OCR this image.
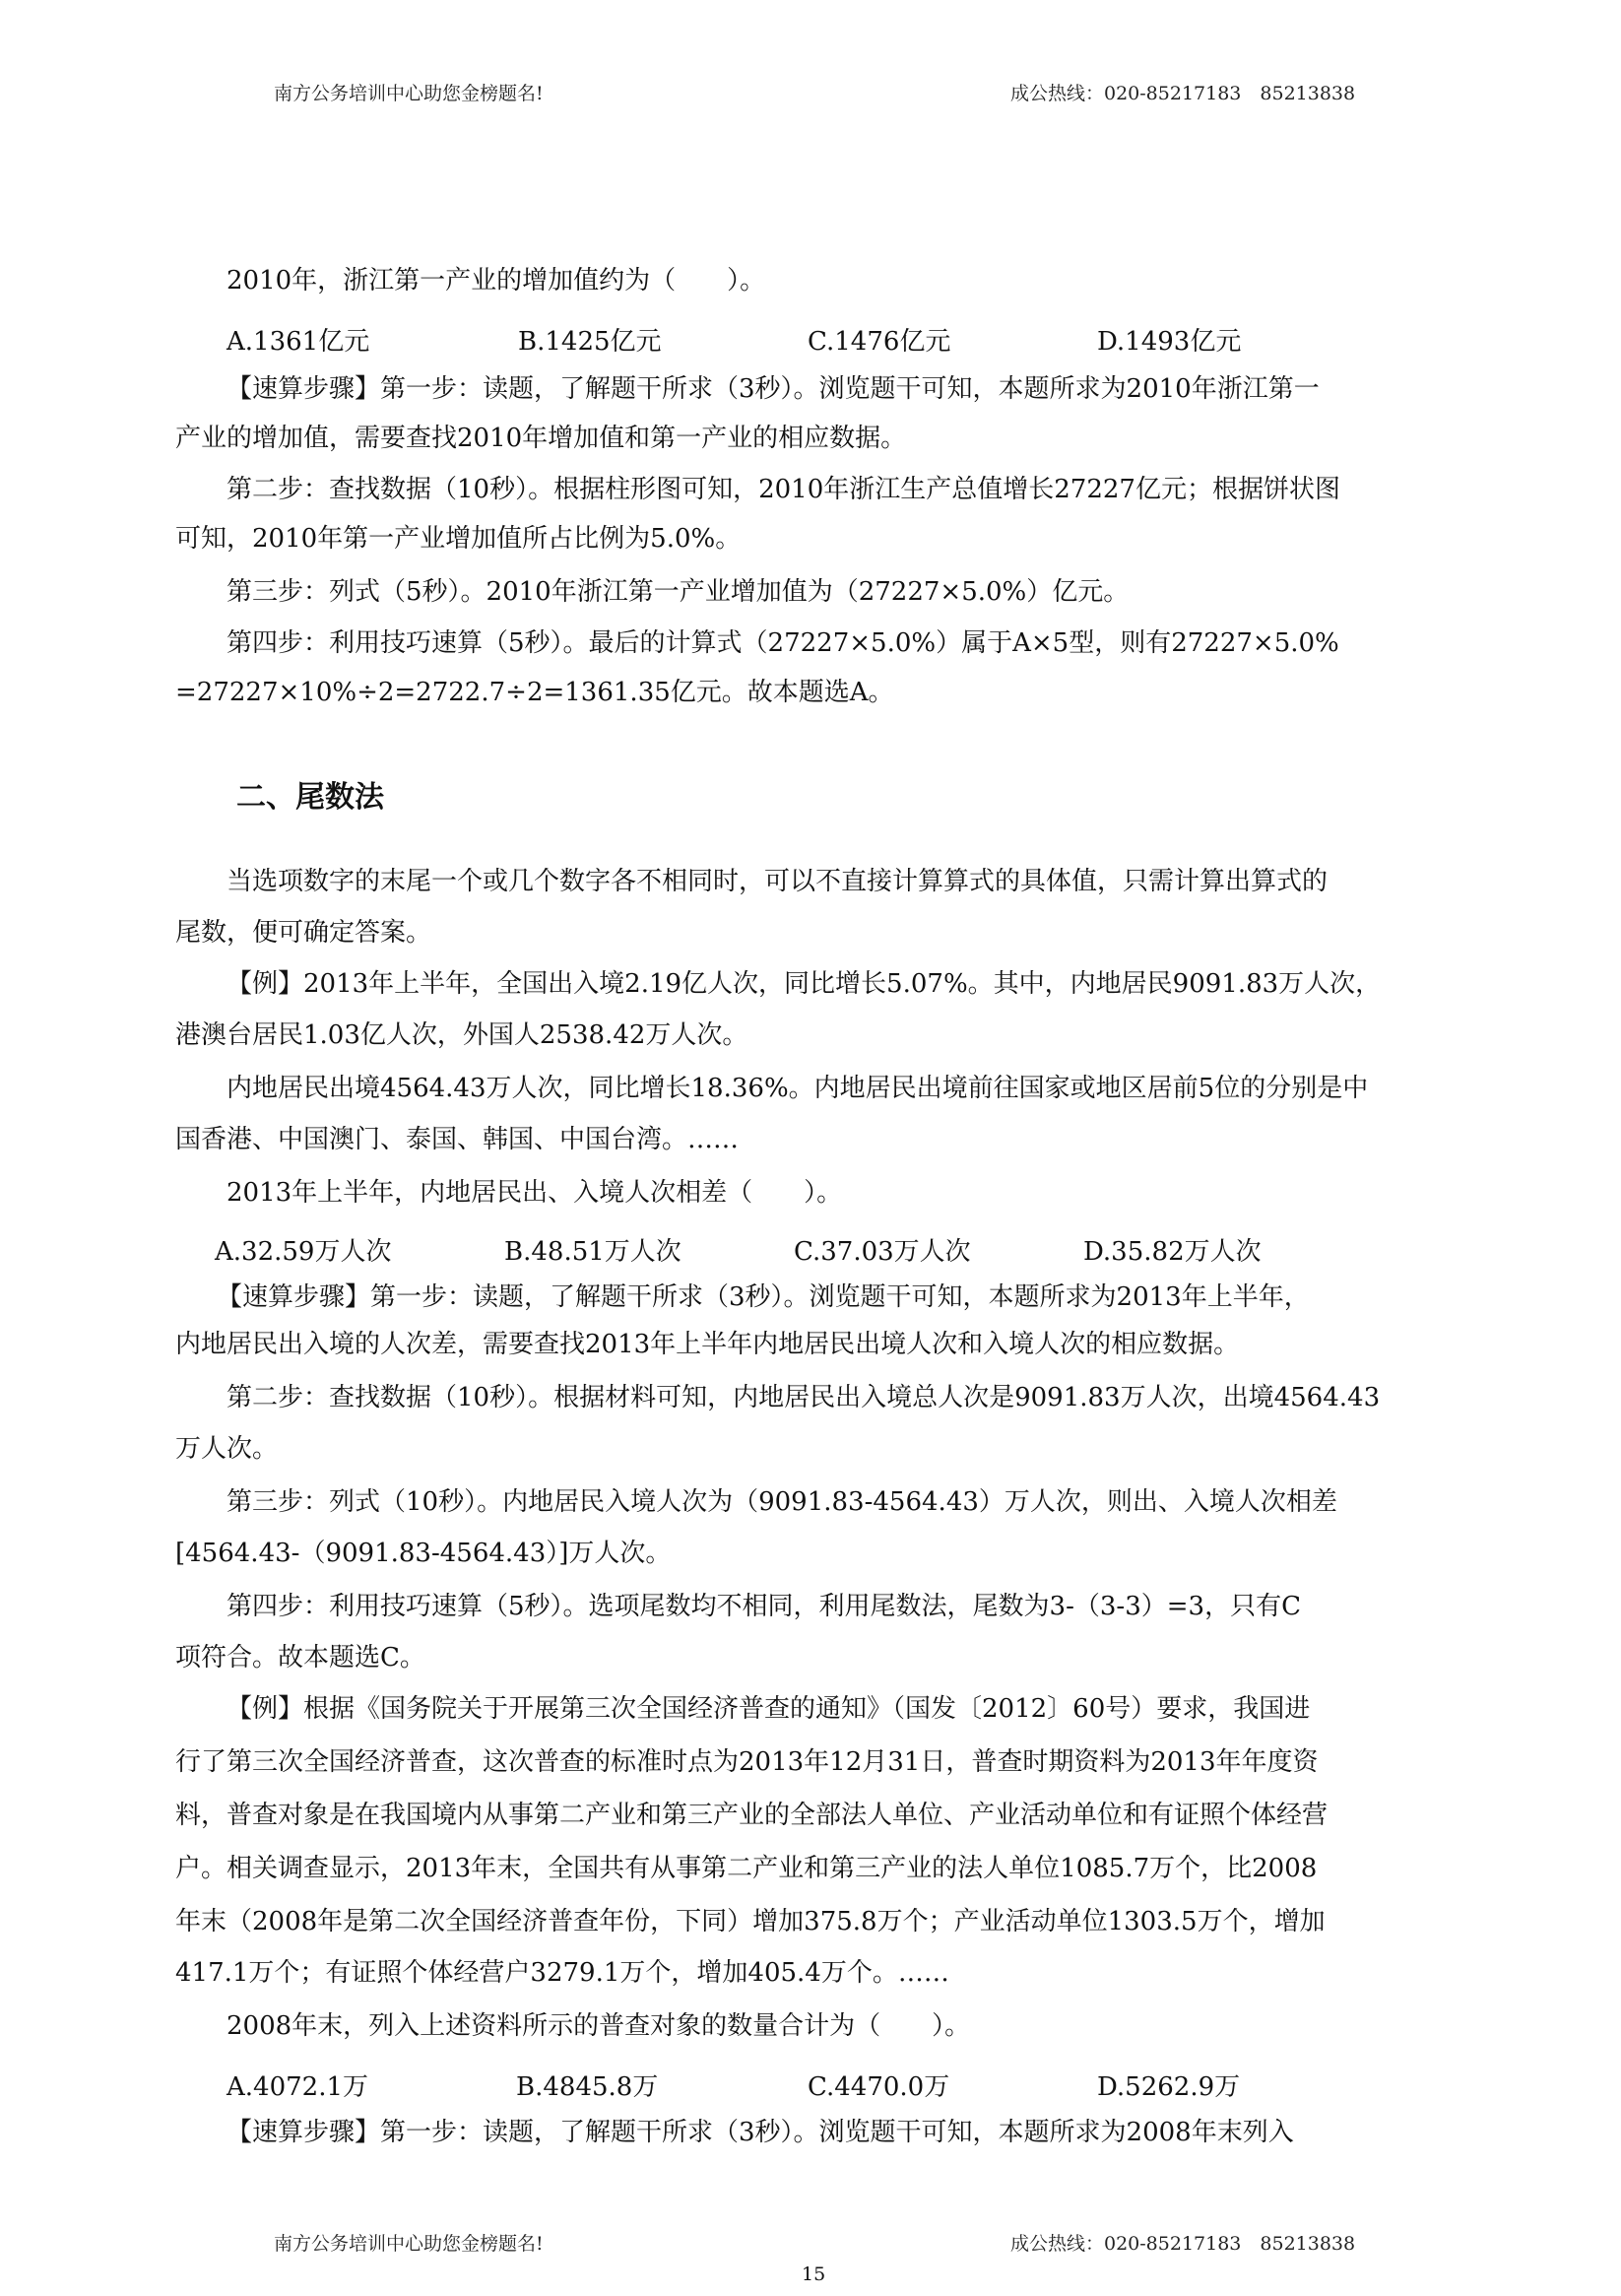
南方公务培训中心助您金榜题名!	成公热线：020-85217183　85213838
2010年，浙江第一产业的增加值约为（　　）。
A.1361亿元	B.1425亿元	C.1476亿元	D.1493亿元
【速算步骤】第一步：读题，了解题干所求（3秒）。浏览题干可知，本题所求为2010年浙江第一
产业的增加值，需要查找2010年增加值和第一产业的相应数据。
第二步：查找数据（10秒）。根据柱形图可知，2010年浙江生产总值增长27227亿元；根据饼状图
可知，2010年第一产业增加值所占比例为5.0%。
第三步：列式（5秒）。2010年浙江第一产业增加值为（27227×5.0%）亿元。
第四步：利用技巧速算（5秒）。最后的计算式（27227×5.0%）属于A×5型，则有27227×5.0%
=27227×10%÷2=2722.7÷2=1361.35亿元。故本题选A。
二、尾数法
当选项数字的末尾一个或几个数字各不相同时，可以不直接计算算式的具体值，只需计算出算式的
尾数，便可确定答案。
【例】2013年上半年，全国出入境2.19亿人次，同比增长5.07%。其中，内地居民9091.83万人次，
港澳台居民1.03亿人次，外国人2538.42万人次。
内地居民出境4564.43万人次，同比增长18.36%。内地居民出境前往国家或地区居前5位的分别是中
国香港、中国澳门、泰国、韩国、中国台湾。……
2013年上半年，内地居民出、入境人次相差（　　）。
A.32.59万人次	B.48.51万人次	C.37.03万人次	D.35.82万人次
【速算步骤】第一步：读题，了解题干所求（3秒）。浏览题干可知，本题所求为2013年上半年，
内地居民出入境的人次差，需要查找2013年上半年内地居民出境人次和入境人次的相应数据。
第二步：查找数据（10秒）。根据材料可知，内地居民出入境总人次是9091.83万人次，出境4564.43
万人次。
第三步：列式（10秒）。内地居民入境人次为（9091.83-4564.43）万人次，则出、入境人次相差
[4564.43-（9091.83-4564.43）]万人次。
第四步：利用技巧速算（5秒）。选项尾数均不相同，利用尾数法，尾数为3-（3-3）=3，只有C
项符合。故本题选C。
【例】根据《国务院关于开展第三次全国经济普查的通知》（国发〔2012〕60号）要求，我国进
行了第三次全国经济普查，这次普查的标准时点为2013年12月31日，普查时期资料为2013年年度资
料，普查对象是在我国境内从事第二产业和第三产业的全部法人单位、产业活动单位和有证照个体经营
户。相关调查显示，2013年末，全国共有从事第二产业和第三产业的法人单位1085.7万个，比2008
年末（2008年是第二次全国经济普查年份，下同）增加375.8万个；产业活动单位1303.5万个，增加
417.1万个；有证照个体经营户3279.1万个，增加405.4万个。……
2008年末，列入上述资料所示的普查对象的数量合计为（　　）。
A.4072.1万	B.4845.8万	C.4470.0万	D.5262.9万
【速算步骤】第一步：读题，了解题干所求（3秒）。浏览题干可知，本题所求为2008年末列入
南方公务培训中心助您金榜题名!	成公热线：020-85217183　85213838
15
